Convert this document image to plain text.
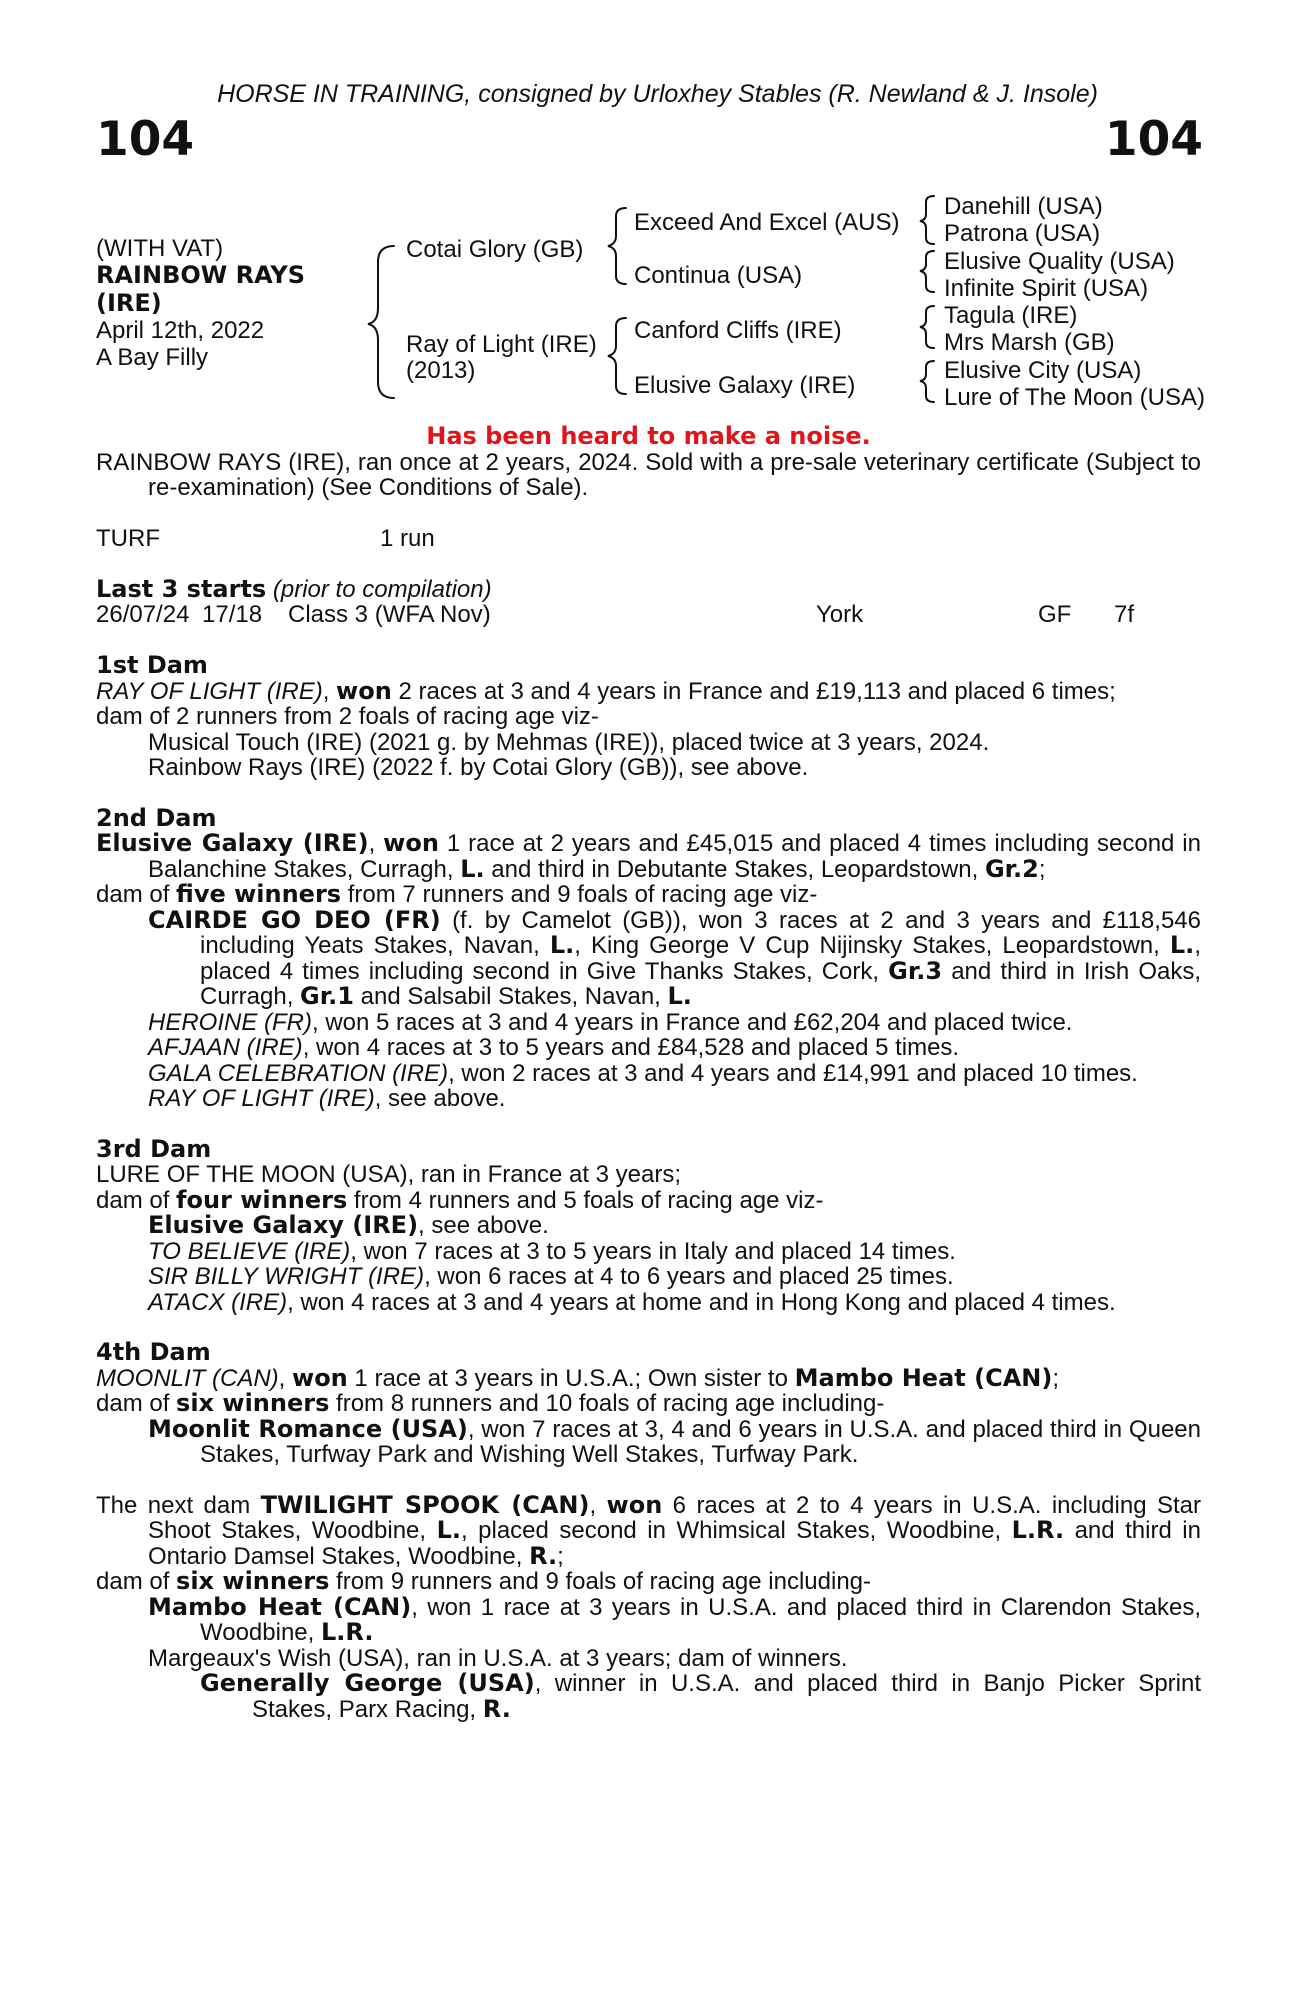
HORSE IN TRAINING, consigned by Urloxhey Stables (R. Newland & J. Insole)
104	104
(WITH VAT)
RAINBOW RAYS
(IRE)
April 12th, 2022
A Bay Filly
Cotai Glory (GB)
Ray of Light (IRE)
(2013)
Exceed And Excel (AUS)
Continua (USA)
Canford Cliffs (IRE)
Elusive Galaxy (IRE)
Danehill (USA)
Patrona (USA)
Elusive Quality (USA)
Infinite Spirit (USA)
Tagula (IRE)
Mrs Marsh (GB)
Elusive City (USA)
Lure of The Moon (USA)

Has been heard to make a noise.

RAINBOW RAYS (IRE), ran once at 2 years, 2024. Sold with a pre-sale veterinary certificate (Subject to re-examination) (See Conditions of Sale).

TURF	1 run

Last 3 starts (prior to compilation)

26/07/24 17/18 Class 3 (WFA Nov)	York	GF 7f

1st Dam

RAY OF LIGHT (IRE), won 2 races at 3 and 4 years in France and £19,113 and placed 6 times;

dam of 2 runners from 2 foals of racing age viz-

Musical Touch (IRE) (2021 g. by Mehmas (IRE)), placed twice at 3 years, 2024.

Rainbow Rays (IRE) (2022 f. by Cotai Glory (GB)), see above.

2nd Dam

Elusive Galaxy (IRE), won 1 race at 2 years and £45,015 and placed 4 times including second in Balanchine Stakes, Curragh, L. and third in Debutante Stakes, Leopardstown, Gr.2;

dam of five winners from 7 runners and 9 foals of racing age viz-

CAIRDE GO DEO (FR) (f. by Camelot (GB)), won 3 races at 2 and 3 years and £118,546 including Yeats Stakes, Navan, L., King George V Cup Nijinsky Stakes, Leopardstown, L., placed 4 times including second in Give Thanks Stakes, Cork, Gr.3 and third in Irish Oaks, Curragh, Gr.1 and Salsabil Stakes, Navan, L.

HEROINE (FR), won 5 races at 3 and 4 years in France and £62,204 and placed twice.

AFJAAN (IRE), won 4 races at 3 to 5 years and £84,528 and placed 5 times.

GALA CELEBRATION (IRE), won 2 races at 3 and 4 years and £14,991 and placed 10 times.

RAY OF LIGHT (IRE), see above.

3rd Dam

LURE OF THE MOON (USA), ran in France at 3 years;

dam of four winners from 4 runners and 5 foals of racing age viz-

Elusive Galaxy (IRE), see above.

TO BELIEVE (IRE), won 7 races at 3 to 5 years in Italy and placed 14 times.

SIR BILLY WRIGHT (IRE), won 6 races at 4 to 6 years and placed 25 times.

ATACX (IRE), won 4 races at 3 and 4 years at home and in Hong Kong and placed 4 times.

4th Dam

MOONLIT (CAN), won 1 race at 3 years in U.S.A.; Own sister to Mambo Heat (CAN);

dam of six winners from 8 runners and 10 foals of racing age including-

Moonlit Romance (USA), won 7 races at 3, 4 and 6 years in U.S.A. and placed third in Queen Stakes, Turfway Park and Wishing Well Stakes, Turfway Park.

The next dam TWILIGHT SPOOK (CAN), won 6 races at 2 to 4 years in U.S.A. including Star Shoot Stakes, Woodbine, L., placed second in Whimsical Stakes, Woodbine, L.R. and third in Ontario Damsel Stakes, Woodbine, R.;

dam of six winners from 9 runners and 9 foals of racing age including-

Mambo Heat (CAN), won 1 race at 3 years in U.S.A. and placed third in Clarendon Stakes, Woodbine, L.R.

Margeaux's Wish (USA), ran in U.S.A. at 3 years; dam of winners.

Generally George (USA), winner in U.S.A. and placed third in Banjo Picker Sprint Stakes, Parx Racing, R.
